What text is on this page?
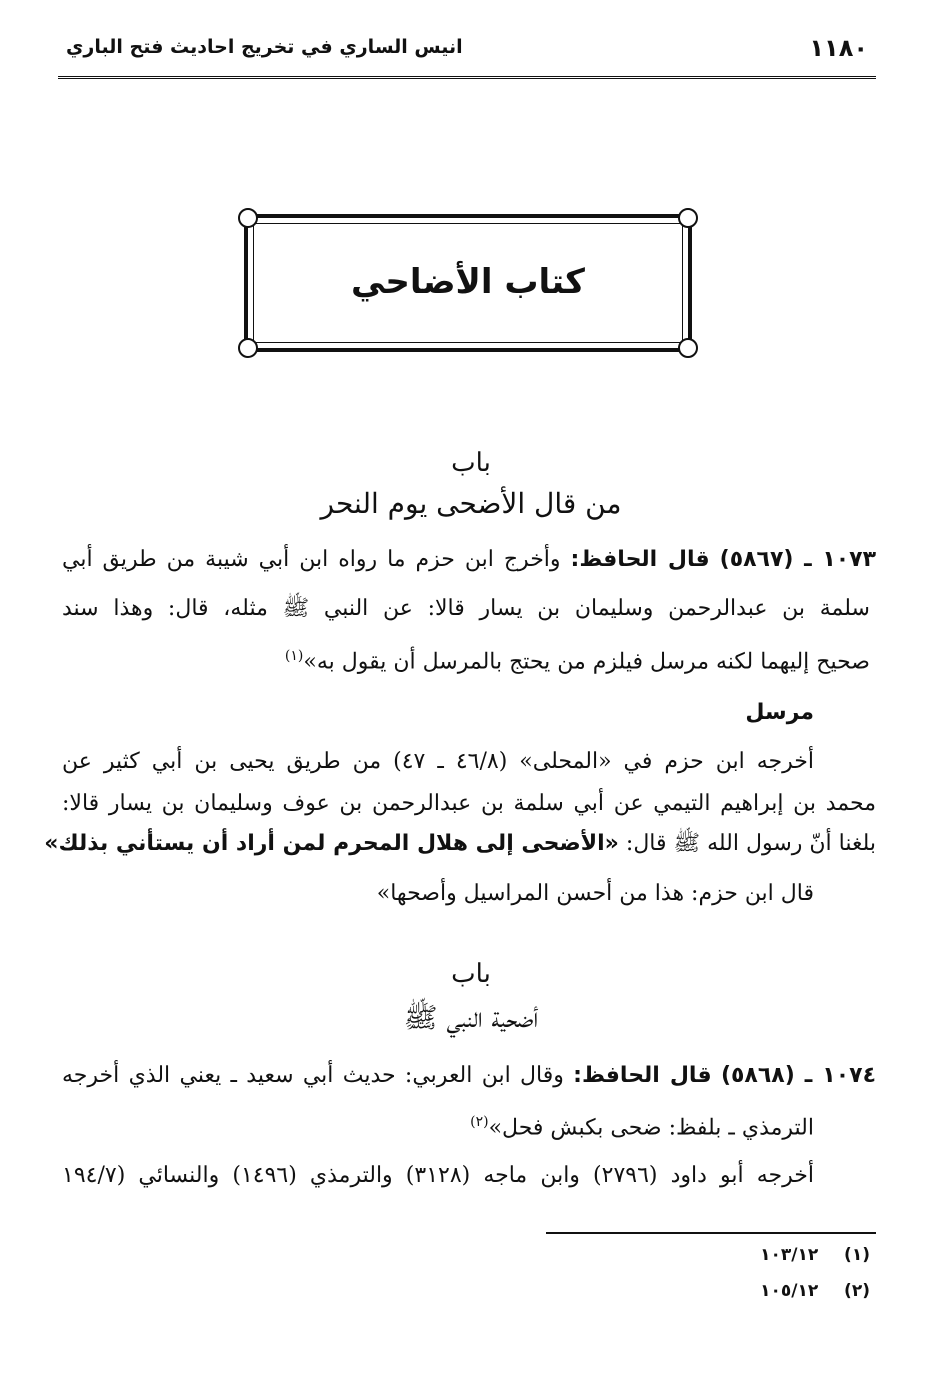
١١٨٠
انيس الساري في تخريج احاديث فتح الباري
كتاب الأضاحي
باب
من قال الأضحى يوم النحر
١٠٧٣ ـ (٥٨٦٧) قال الحافظ: وأخرج ابن حزم ما رواه ابن أبي شيبة من طريق أبي
سلمة بن عبدالرحمن وسليمان بن يسار قالا: عن النبي ﷺ مثله، قال: وهذا سند
صحيح إليهما لكنه مرسل فيلزم من يحتج بالمرسل أن يقول به»$^{(١)}$
مرسل
أخرجه ابن حزم في «المحلى» (٤٦/٨ ـ ٤٧) من طريق يحيى بن أبي كثير عن
محمد بن إبراهيم التيمي عن أبي سلمة بن عبدالرحمن بن عوف وسليمان بن يسار قالا:
بلغنا أنّ رسول الله ﷺ قال: «الأضحى إلى هلال المحرم لمن أراد أن يستأني بذلك»
قال ابن حزم: هذا من أحسن المراسيل وأصحها»
باب
أضحية النبي ﷺ
١٠٧٤ ـ (٥٨٦٨) قال الحافظ: وقال ابن العربي: حديث أبي سعيد ـ يعني الذي أخرجه
الترمذي ـ بلفظ: ضحى بكبش فحل»$^{(٢)}$
أخرجه أبو داود (٢٧٩٦) وابن ماجه (٣١٢٨) والترمذي (١٤٩٦) والنسائي (١٩٤/٧
(١)  ١٠٣/١٢
(٢)  ١٠٥/١٢
